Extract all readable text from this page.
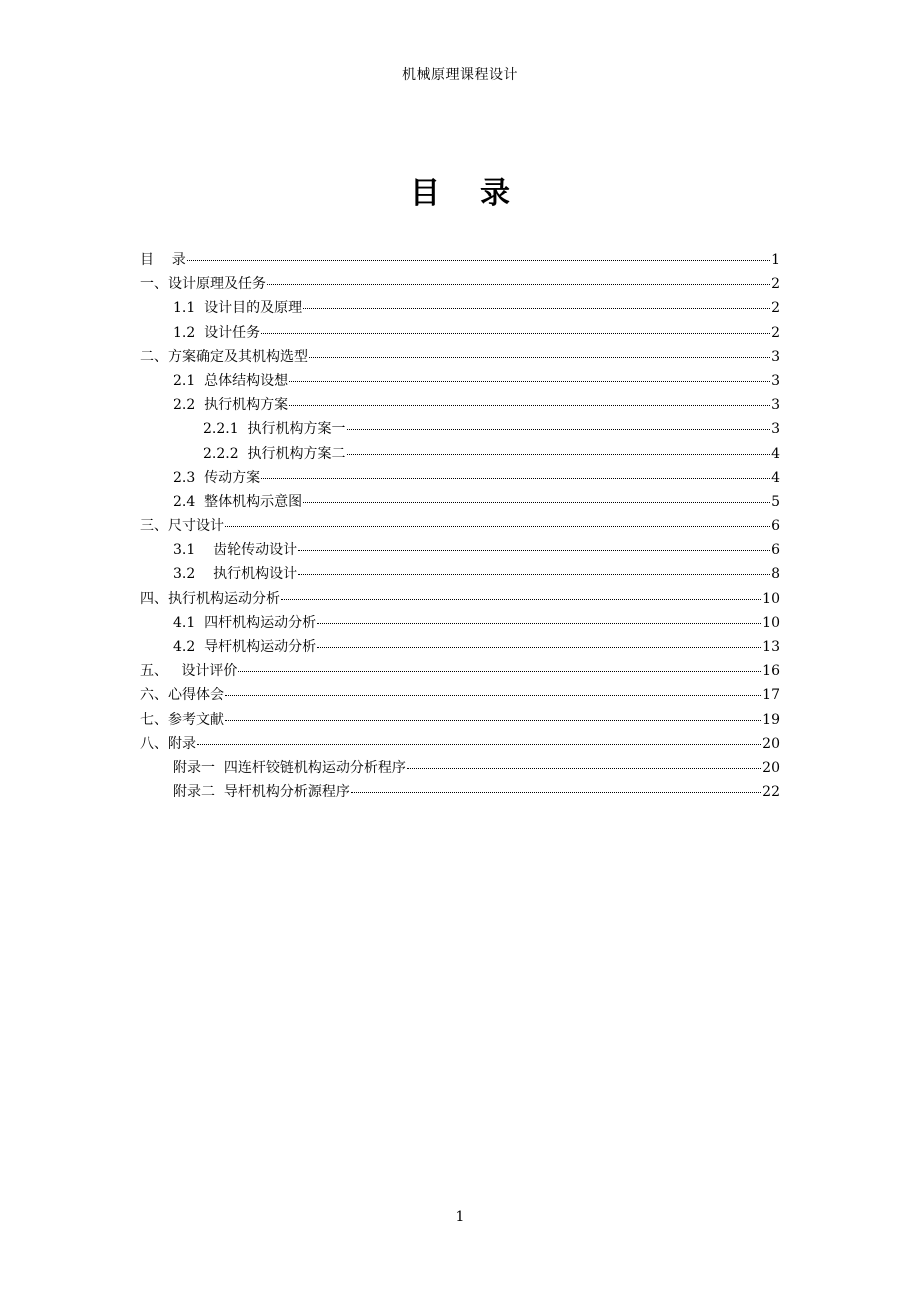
机械原理课程设计
目录
目    录	1
一、设计原理及任务	2
1.1  设计目的及原理	2
1.2  设计任务	2
二、方案确定及其机构选型	3
2.1  总体结构设想	3
2.2  执行机构方案	3
2.2.1  执行机构方案一	3
2.2.2  执行机构方案二	4
2.3  传动方案	4
2.4  整体机构示意图	5
三、尺寸设计	6
3.1    齿轮传动设计	6
3.2    执行机构设计	8
四、执行机构运动分析	10
4.1  四杆机构运动分析	10
4.2  导杆机构运动分析	13
五、   设计评价	16
六、心得体会	17
七、参考文献	19
八、附录	20
附录一  四连杆铰链机构运动分析程序	20
附录二  导杆机构分析源程序	22
1
